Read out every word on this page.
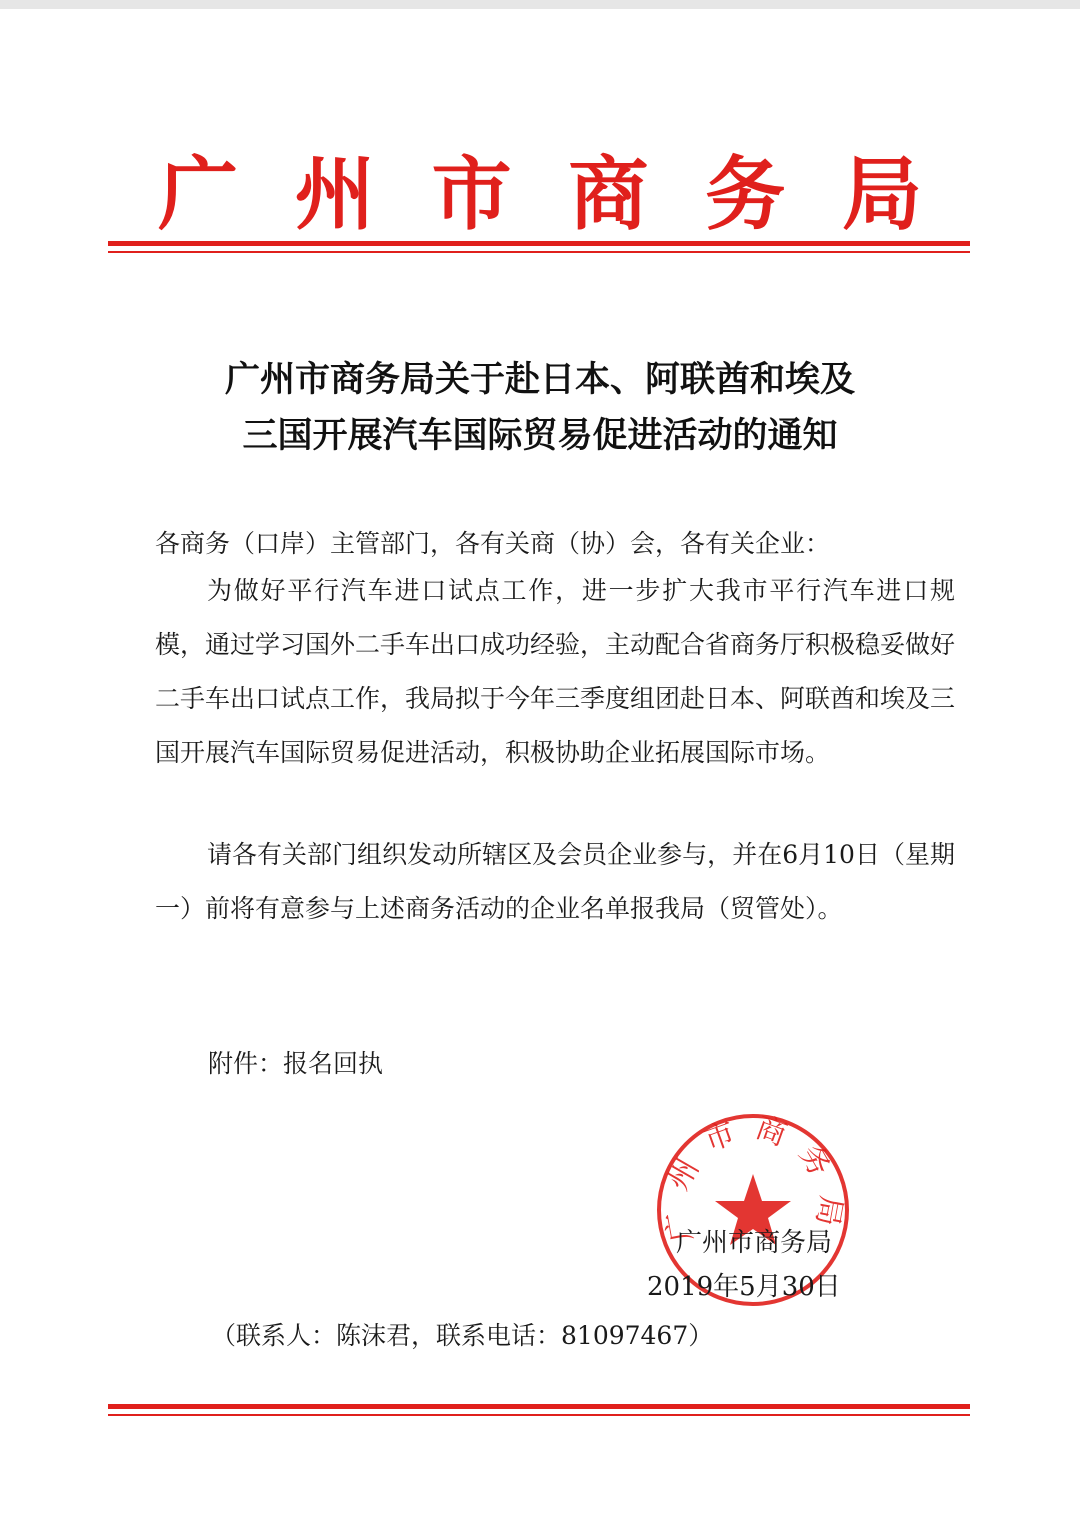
广 州 市 商 务 局
广州市商务局关于赴日本、阿联酋和埃及
三国开展汽车国际贸易促进活动的通知
各商务（口岸）主管部门，各有关商（协）会，各有关企业：
为做好平行汽车进口试点工作，进一步扩大我市平行汽车进口规模，通过学习国外二手车出口成功经验，主动配合省商务厅积极稳妥做好二手车出口试点工作，我局拟于今年三季度组团赴日本、阿联酋和埃及三国开展汽车国际贸易促进活动，积极协助企业拓展国际市场。
请各有关部门组织发动所辖区及会员企业参与，并在6月10日（星期一）前将有意参与上述商务活动的企业名单报我局（贸管处）。
附件：报名回执
广州市商务局
广州市商务局
2019年5月30日
（联系人：陈沫君，联系电话：81097467）
